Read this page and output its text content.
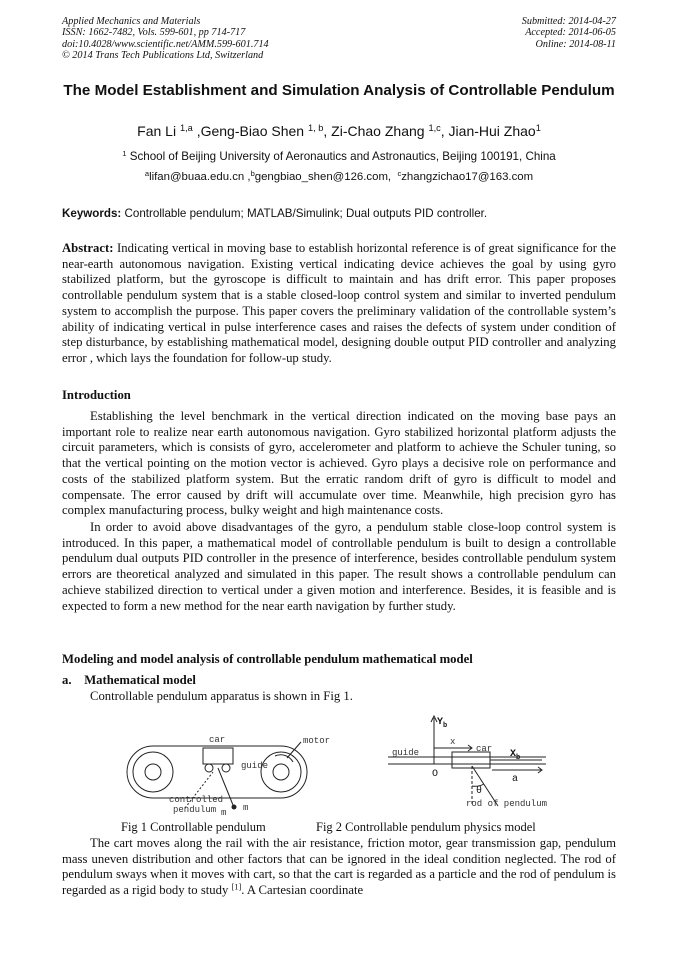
Applied Mechanics and Materials
ISSN: 1662-7482, Vols. 599-601, pp 714-717
doi:10.4028/www.scientific.net/AMM.599-601.714
© 2014 Trans Tech Publications Ltd, Switzerland
Submitted: 2014-04-27
Accepted: 2014-06-05
Online: 2014-08-11
The Model Establishment and Simulation Analysis of Controllable Pendulum
Fan Li $^{1,a}$ ,Geng-Biao Shen $^{1, b}$, Zi-Chao Zhang $^{1,c}$, Jian-Hui Zhao$^1$
$^1$ School of Beijing University of Aeronautics and Astronautics, Beijing 100191, China
$^a$lifan@buaa.edu.cn ,$^b$gengbiao_shen@126.com, $^c$zhangzichao17@163.com
Keywords: Controllable pendulum; MATLAB/Simulink; Dual outputs PID controller.
Abstract: Indicating vertical in moving base to establish horizontal reference is of great significance for the near-earth autonomous navigation. Existing vertical indicating device achieves the goal by using gyro stabilized platform, but the gyroscope is difficult to maintain and has drift error. This paper proposes controllable pendulum system that is a stable closed-loop control system and similar to inverted pendulum system to accomplish the purpose. This paper covers the preliminary validation of the controllable system’s ability of indicating vertical in pulse interference cases and raises the defects of system under condition of step disturbance, by establishing mathematical model, designing double output PID controller and analyzing error , which lays the foundation for follow-up study.
Introduction
Establishing the level benchmark in the vertical direction indicated on the moving base pays an important role to realize near earth autonomous navigation. Gyro stabilized horizontal platform adjusts the circuit parameters, which is consists of gyro, accelerometer and platform to achieve the Schuler tuning, so that the vertical pointing on the motion vector is achieved. Gyro plays a decisive role on performance and costs of the stabilized platform system. But the erratic random drift of gyro is difficult to model and compensate. The error caused by drift will accumulate over time. Meanwhile, high precision gyro has complex manufacturing process, bulky weight and high maintenance costs.
In order to avoid above disadvantages of the gyro, a pendulum stable close-loop control system is introduced. In this paper, a mathematical model of controllable pendulum is built to design a controllable pendulum dual outputs PID controller in the presence of interference, besides controllable pendulum system errors are theoretical analyzed and simulated in this paper. The result shows a controllable pendulum can achieve stabilized direction to vertical under a given motion and interference. Besides, it is feasible and is expected to form a new method for the near earth navigation by further study.
Modeling and model analysis of controllable pendulum mathematical model
a. Mathematical model
Controllable pendulum apparatus is shown in Fig 1.
car	motor
guide
controlled
pendulum m m
$Y_b$
x
car
guide	$X_b$
O	a
θ
rod of pendulum
Fig 1 Controllable pendulum	Fig 2 Controllable pendulum physics model
The cart moves along the rail with the air resistance, friction motor, gear transmission gap, pendulum mass uneven distribution and other factors that can be ignored in the ideal condition neglected. The rod of pendulum sways when it moves with cart, so that the cart is regarded as a particle and the rod of pendulum is regarded as a rigid body to study [1]. A Cartesian coordinate
